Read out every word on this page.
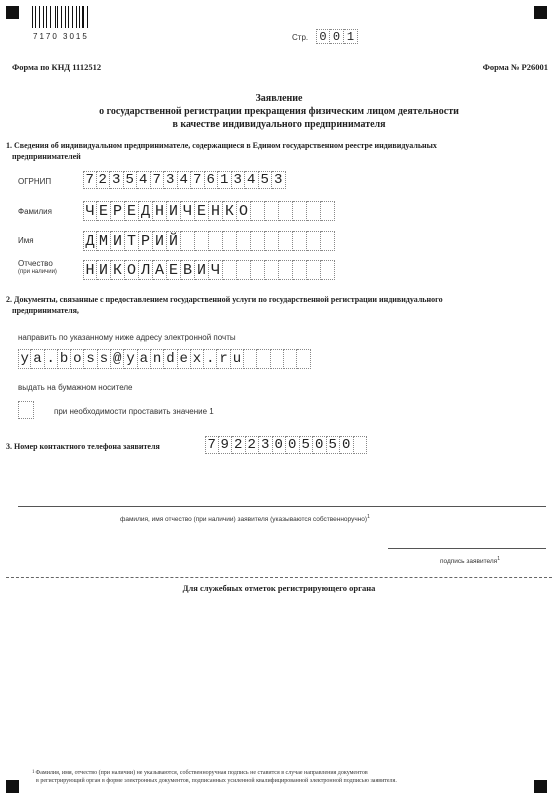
7170 3015	Стр. 0 0 1
Форма по КНД 1112512	Форма № Р26001
Заявление
о государственной регистрации прекращения физическим лицом деятельности
в качестве индивидуального предпринимателя
1. Сведения об индивидуальном предпринимателе, содержащиеся в Едином государственном реестре индивидуальных
предпринимателей
ОГРНИП 7 2 3 5 4 7 3 4 7 6 1 3 4 5 3
Фамилия Ч Е Р Е Д Н И Ч Е Н К О
Имя	Д М И Т Р И Й
Отчество
(при наличии) Н И К О Л А Е В И Ч
2. Документы, связанные с предоставлением государственной услуги по государственной регистрации индивидуального
предпринимателя,
направить по указанному ниже адресу электронной почты
y a . b o s s @ y a n d e x . r u
выдать на бумажном носителе
при необходимости проставить значение 1
3. Номер контактного телефона заявителя	7 9 2 2 3 0 0 5 0 5 0
фамилия, имя отчество (при наличии) заявителя (указываются собственноручно)$^1$
подпись заявителя$^1$
Для служебных отметок регистрирующего органа
1 Фамилия, имя, отчество (при наличии) не указываются, собственноручная подпись не ставится в случае направления документов
в регистрирующий орган в форме электронных документов, подписанных усиленной квалифицированной электронной подписью заявителя.
